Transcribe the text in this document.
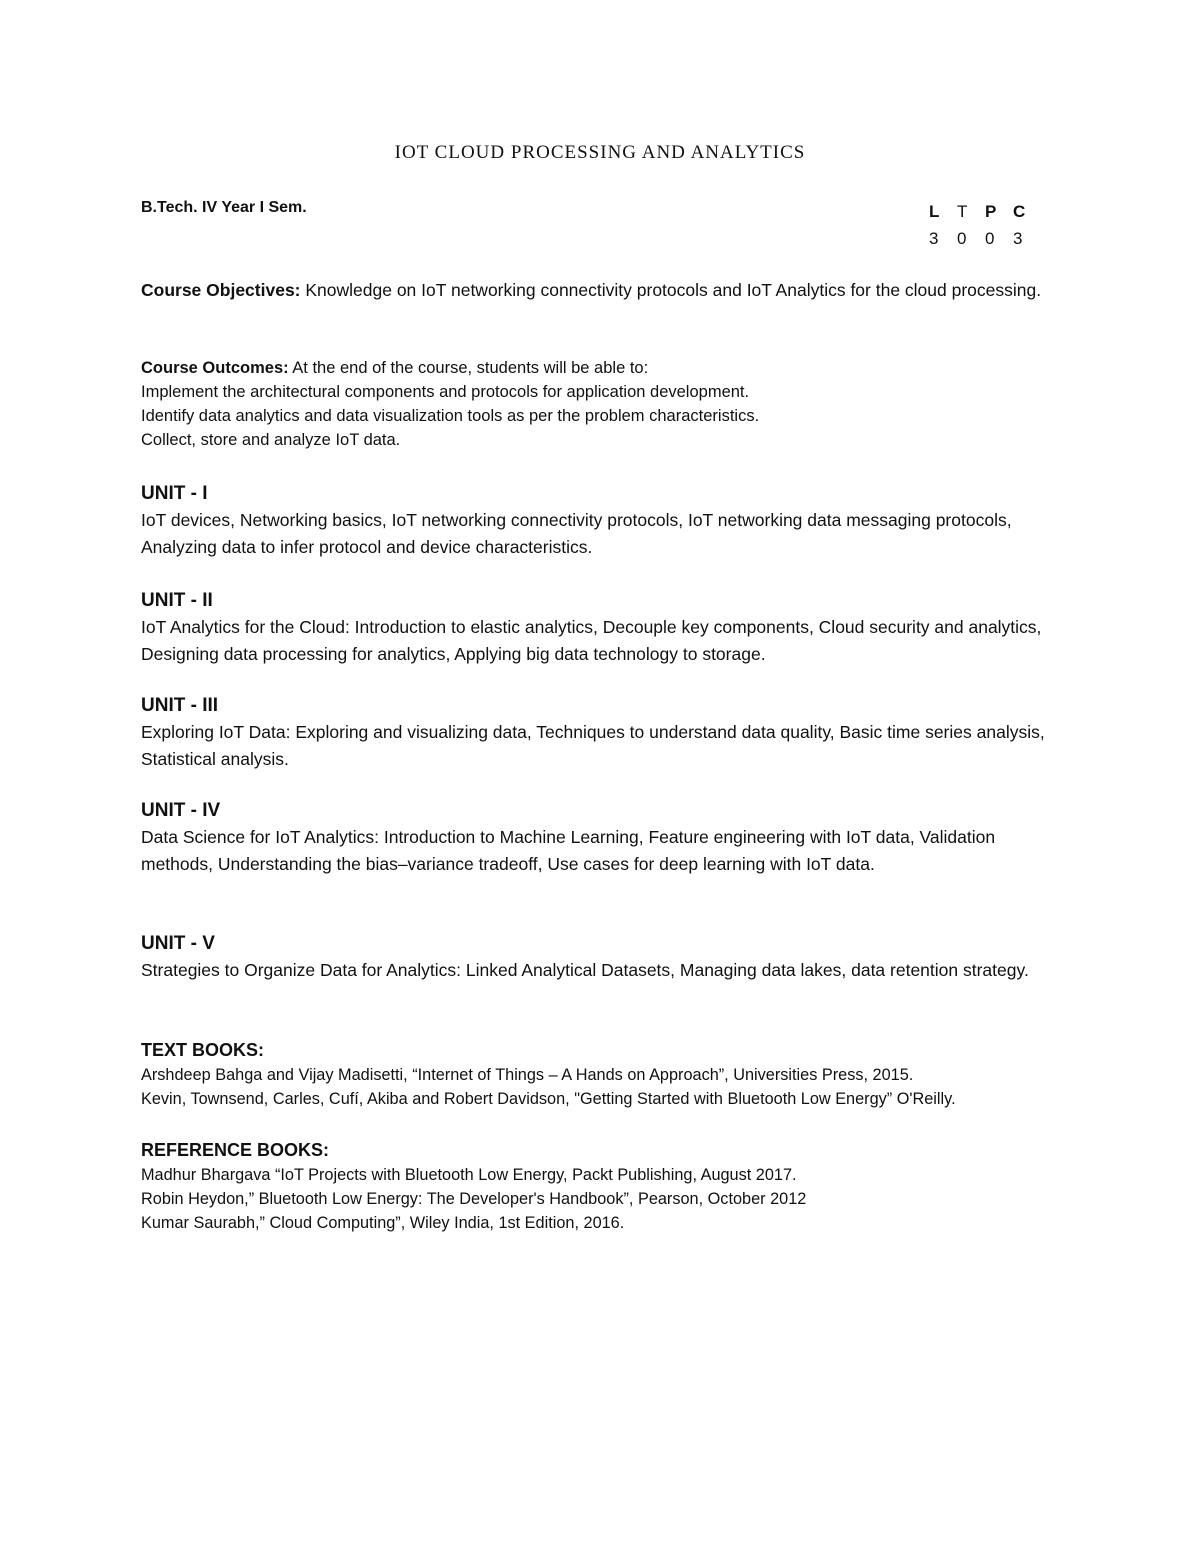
IOT CLOUD PROCESSING AND ANALYTICS
B.Tech. IV Year I Sem.	L T P C
3 0 0 3

Course Objectives: Knowledge on IoT networking connectivity protocols and IoT Analytics for the cloud processing.

Course Outcomes: At the end of the course, students will be able to:

Implement the architectural components and protocols for application development.

Identify data analytics and data visualization tools as per the problem characteristics.

Collect, store and analyze IoT data.

UNIT - I

IoT devices, Networking basics, IoT networking connectivity protocols, IoT networking data messaging protocols, Analyzing data to infer protocol and device characteristics.

UNIT - II

IoT Analytics for the Cloud: Introduction to elastic analytics, Decouple key components, Cloud security and analytics, Designing data processing for analytics, Applying big data technology to storage.

UNIT - III

Exploring IoT Data: Exploring and visualizing data, Techniques to understand data quality, Basic time series analysis, Statistical analysis.

UNIT - IV

Data Science for IoT Analytics: Introduction to Machine Learning, Feature engineering with IoT data, Validation methods, Understanding the bias–variance tradeoff, Use cases for deep learning with IoT data.

UNIT - V

Strategies to Organize Data for Analytics: Linked Analytical Datasets, Managing data lakes, data retention strategy.

TEXT BOOKS:

Arshdeep Bahga and Vijay Madisetti, “Internet of Things – A Hands on Approach”, Universities Press, 2015.

Kevin, Townsend, Carles, Cufí, Akiba and Robert Davidson, "Getting Started with Bluetooth Low Energy” O'Reilly.

REFERENCE BOOKS:

Madhur Bhargava “IoT Projects with Bluetooth Low Energy, Packt Publishing, August 2017.

Robin Heydon,” Bluetooth Low Energy: The Developer's Handbook”, Pearson, October 2012

Kumar Saurabh,” Cloud Computing”, Wiley India, 1st Edition, 2016.
